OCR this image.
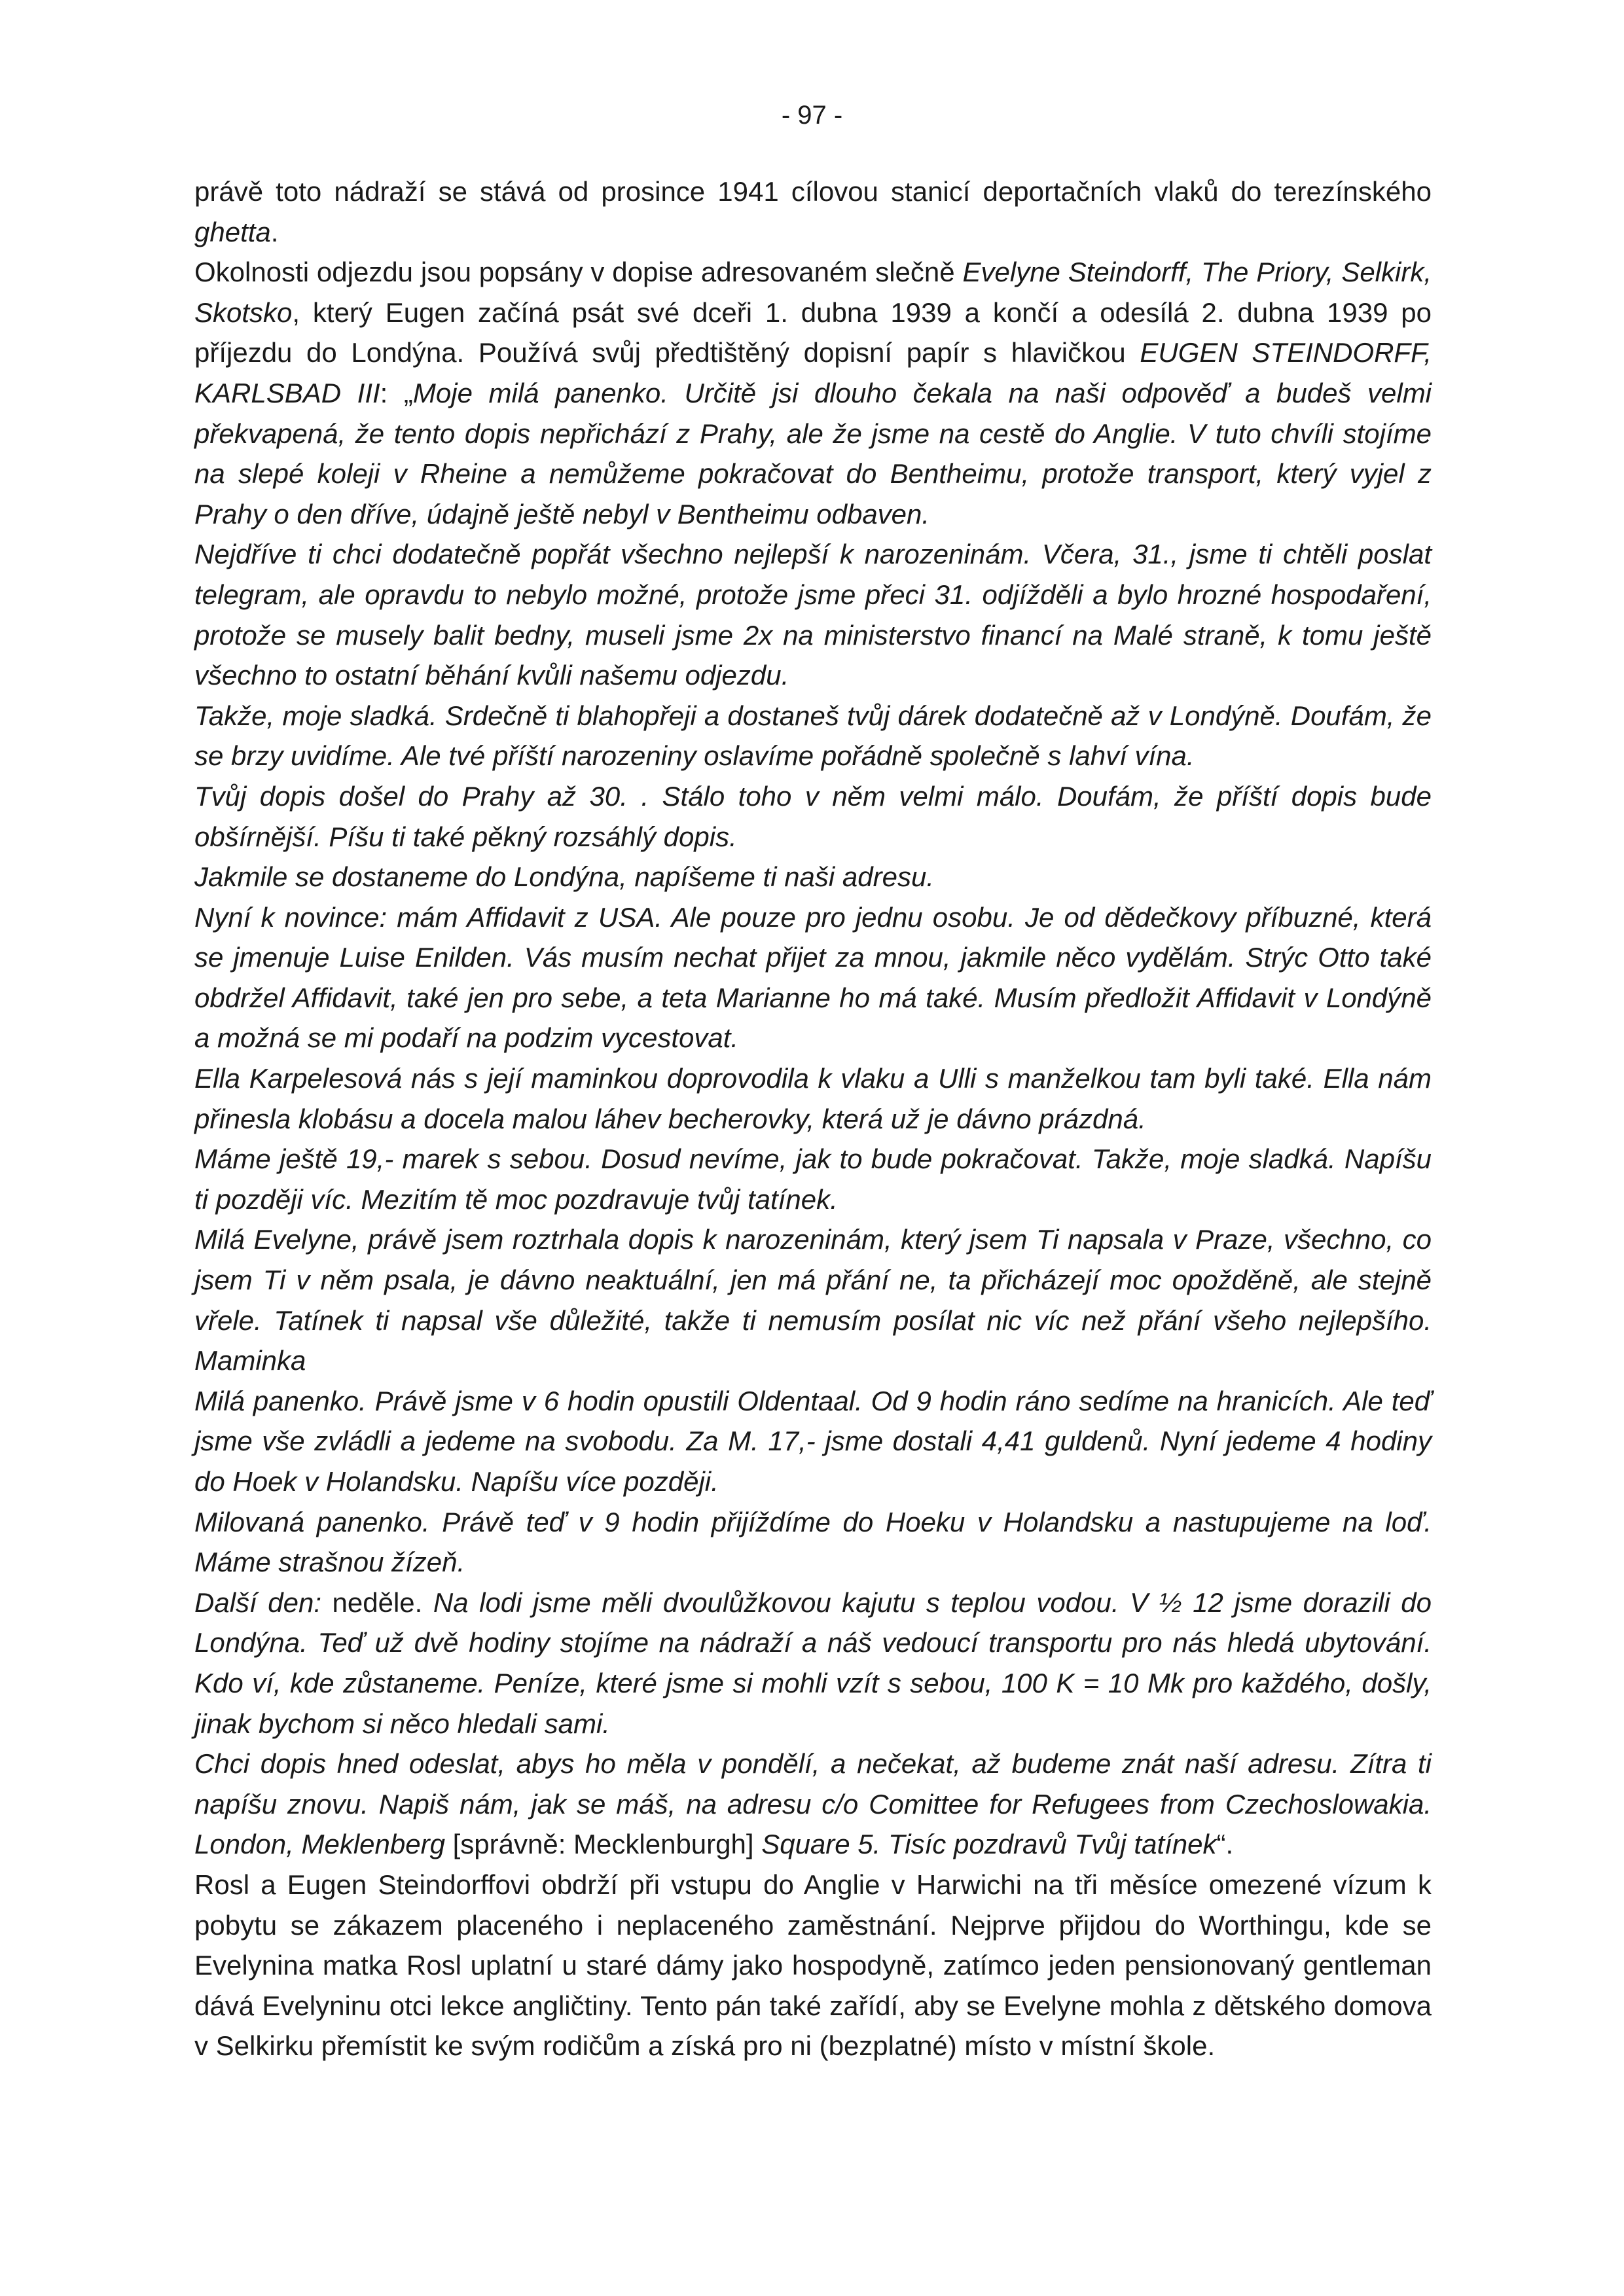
- 97 -

právě toto nádraží se stává od prosince 1941 cílovou stanicí deportačních vlaků do terezínského ghetta.

Okolnosti odjezdu jsou popsány v dopise adresovaném slečně Evelyne Steindorff, The Priory, Selkirk, Skotsko, který Eugen začíná psát své dceři 1. dubna 1939 a končí a odesílá 2. dubna 1939 po příjezdu do Londýna. Používá svůj předtištěný dopisní papír s hlavičkou EUGEN STEINDORFF, KARLSBAD III: „Moje milá panenko. Určitě jsi dlouho čekala na naši odpověď a budeš velmi překvapená, že tento dopis nepřichází z Prahy, ale že jsme na cestě do Anglie. V tuto chvíli stojíme na slepé koleji v Rheine a nemůžeme pokračovat do Bentheimu, protože transport, který vyjel z Prahy o den dříve, údajně ještě nebyl v Bentheimu odbaven.

Nejdříve ti chci dodatečně popřát všechno nejlepší k narozeninám. Včera, 31., jsme ti chtěli poslat telegram, ale opravdu to nebylo možné, protože jsme přeci 31. odjížděli a bylo hrozné hospodaření, protože se musely balit bedny, museli jsme 2x na ministerstvo financí na Malé straně, k tomu ještě všechno to ostatní běhání kvůli našemu odjezdu.

Takže, moje sladká. Srdečně ti blahopřeji a dostaneš tvůj dárek dodatečně až v Londýně. Doufám, že se brzy uvidíme. Ale tvé příští narozeniny oslavíme pořádně společně s lahví vína.

Tvůj dopis došel do Prahy až 30. . Stálo toho v něm velmi málo. Doufám, že příští dopis bude obšírnější. Píšu ti také pěkný rozsáhlý dopis.

Jakmile se dostaneme do Londýna, napíšeme ti naši adresu.

Nyní k novince: mám Affidavit z USA. Ale pouze pro jednu osobu. Je od dědečkovy příbuzné, která se jmenuje Luise Enilden. Vás musím nechat přijet za mnou, jakmile něco vydělám. Strýc Otto také obdržel Affidavit, také jen pro sebe, a teta Marianne ho má také. Musím předložit Affidavit v Londýně a možná se mi podaří na podzim vycestovat.

Ella Karpelesová nás s její maminkou doprovodila k vlaku a Ulli s manželkou tam byli také. Ella nám přinesla klobásu a docela malou láhev becherovky, která už je dávno prázdná.

Máme ještě 19,- marek s sebou. Dosud nevíme, jak to bude pokračovat. Takže, moje sladká. Napíšu ti později víc. Mezitím tě moc pozdravuje tvůj tatínek.

Milá Evelyne, právě jsem roztrhala dopis k narozeninám, který jsem Ti napsala v Praze, všechno, co jsem Ti v něm psala, je dávno neaktuální, jen má přání ne, ta přicházejí moc opožděně, ale stejně vřele. Tatínek ti napsal vše důležité, takže ti nemusím posílat nic víc než přání všeho nejlepšího. Maminka

Milá panenko. Právě jsme v 6 hodin opustili Oldentaal. Od 9 hodin ráno sedíme na hranicích. Ale teď jsme vše zvládli a jedeme na svobodu. Za M. 17,- jsme dostali 4,41 guldenů. Nyní jedeme 4 hodiny do Hoek v Holandsku. Napíšu více později.

Milovaná panenko. Právě teď v 9 hodin přijíždíme do Hoeku v Holandsku a nastupujeme na loď. Máme strašnou žízeň.

Další den: neděle. Na lodi jsme měli dvoulůžkovou kajutu s teplou vodou. V ½ 12 jsme dorazili do Londýna. Teď už dvě hodiny stojíme na nádraží a náš vedoucí transportu pro nás hledá ubytování. Kdo ví, kde zůstaneme. Peníze, které jsme si mohli vzít s sebou, 100 K = 10 Mk pro každého, došly, jinak bychom si něco hledali sami.

Chci dopis hned odeslat, abys ho měla v pondělí, a nečekat, až budeme znát naší adresu. Zítra ti napíšu znovu. Napiš nám, jak se máš, na adresu c/o Comittee for Refugees from Czechoslowakia. London, Meklenberg [správně: Mecklenburgh] Square 5. Tisíc pozdravů Tvůj tatínek“.

Rosl a Eugen Steindorffovi obdrží při vstupu do Anglie v Harwichi na tři měsíce omezené vízum k pobytu se zákazem placeného i neplaceného zaměstnání. Nejprve přijdou do Worthingu, kde se Evelynina matka Rosl uplatní u staré dámy jako hospodyně, zatímco jeden pensionovaný gentleman dává Evelyninu otci lekce angličtiny. Tento pán také zařídí, aby se Evelyne mohla z dětského domova v Selkirku přemístit ke svým rodičům a získá pro ni (bezplatné) místo v místní škole.
